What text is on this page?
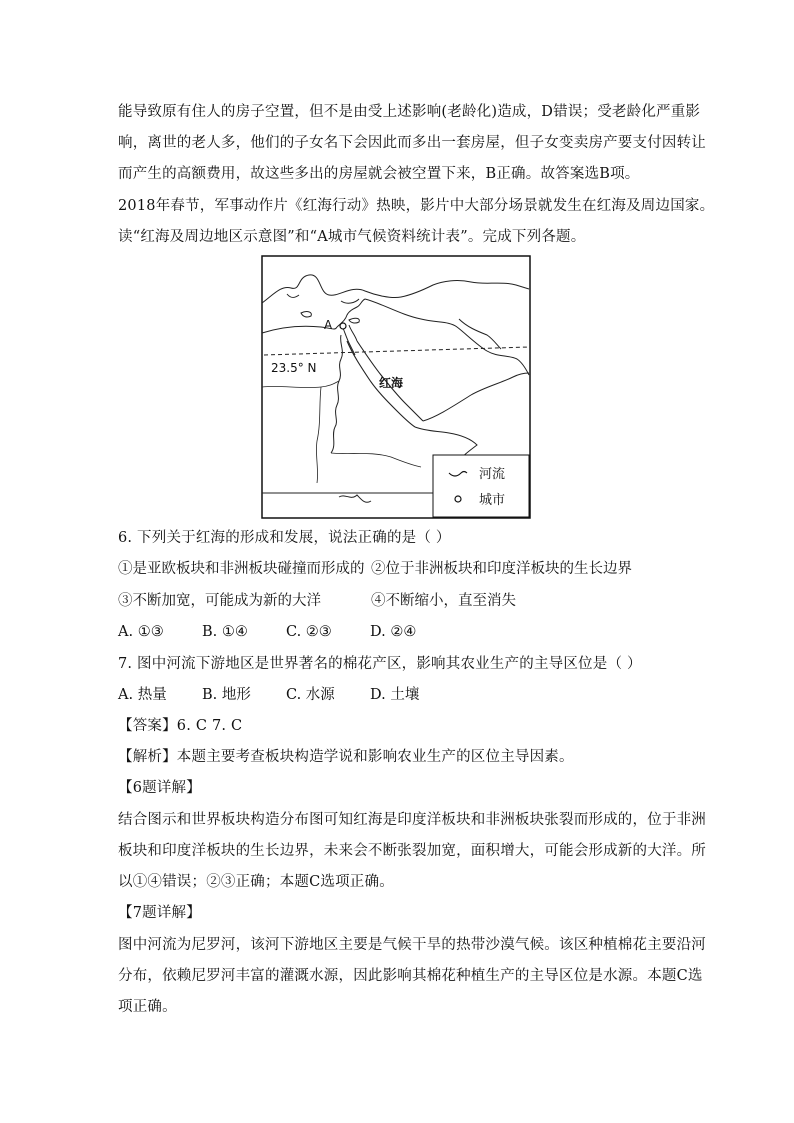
能导致原有住人的房子空置，但不是由受上述影响(老龄化)造成，D错误；受老龄化严重影
响，离世的老人多，他们的子女名下会因此而多出一套房屋，但子女变卖房产要支付因转让
而产生的高额费用，故这些多出的房屋就会被空置下来，B正确。故答案选B项。
2018年春节，军事动作片《红海行动》热映，影片中大部分场景就发生在红海及周边国家。
读“红海及周边地区示意图”和“A城市气候资料统计表”。完成下列各题。
A
23.5° N
红海
河流
城市
6. 下列关于红海的形成和发展，说法正确的是（ ）
①是亚欧板块和非洲板块碰撞而形成的 ②位于非洲板块和印度洋板块的生长边界
③不断加宽，可能成为新的大洋	④不断缩小，直至消失
A. ①③	B. ①④	C. ②③	D. ②④
7. 图中河流下游地区是世界著名的棉花产区，影响其农业生产的主导区位是（ ）
A. 热量 B. 地形 C. 水源 D. 土壤
【答案】6. C 7. C
【解析】本题主要考查板块构造学说和影响农业生产的区位主导因素。
【6题详解】
结合图示和世界板块构造分布图可知红海是印度洋板块和非洲板块张裂而形成的，位于非洲
板块和印度洋板块的生长边界，未来会不断张裂加宽，面积增大，可能会形成新的大洋。所
以①④错误；②③正确；本题C选项正确。
【7题详解】
图中河流为尼罗河，该河下游地区主要是气候干旱的热带沙漠气候。该区种植棉花主要沿河
分布，依赖尼罗河丰富的灌溉水源，因此影响其棉花种植生产的主导区位是水源。本题C选
项正确。
